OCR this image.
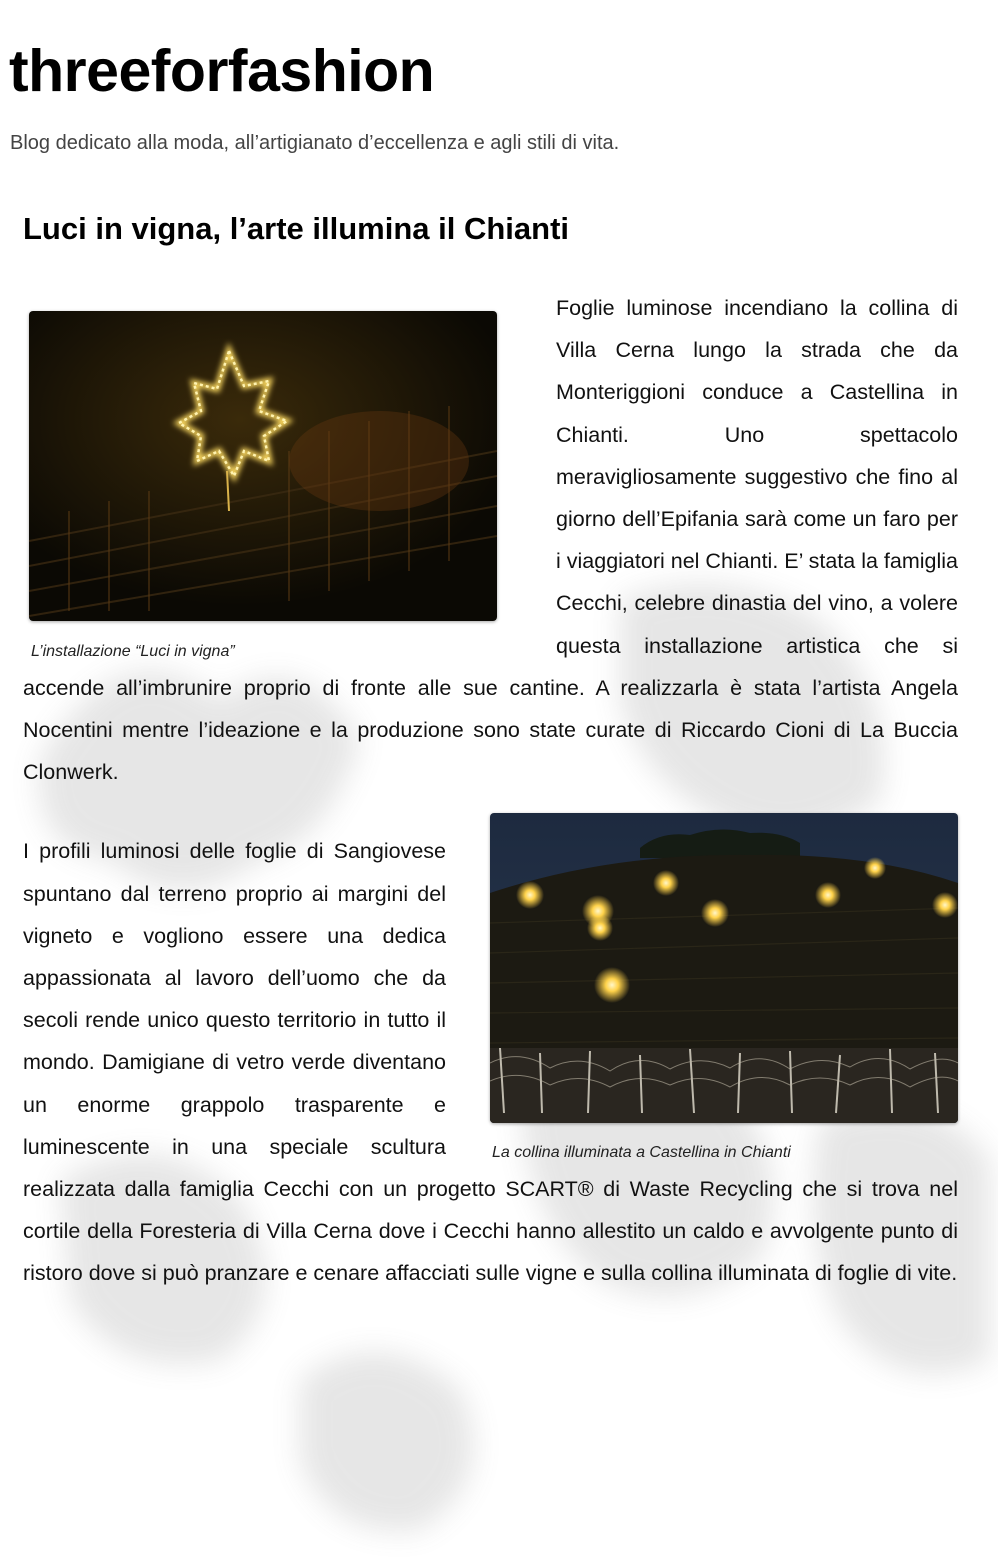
threeforfashion

Blog dedicato alla moda, all’artigianato d’eccellenza e agli stili di vita.

Luci in vigna, l’arte illumina il Chianti

L’installazione “Luci in vigna”

Foglie luminose incendiano la collina di Villa Cerna lungo la strada che da Monteriggioni conduce a Castellina in Chianti. Uno spettacolo meravigliosamente suggestivo che fino al giorno dell’Epifania sarà come un faro per i viaggiatori nel Chianti. E’ stata la famiglia Cecchi, celebre dinastia del vino, a volere questa installazione artistica che si accende all’imbrunire proprio di fronte alle sue cantine. A realizzarla è stata l’artista Angela Nocentini mentre l’ideazione e la produzione sono state curate di Riccardo Cioni di La Buccia Clonwerk.

La collina illuminata a Castellina in Chianti

I profili luminosi delle foglie di Sangiovese spuntano dal terreno proprio ai margini del vigneto e vogliono essere una dedica appassionata al lavoro dell’uomo che da secoli rende unico questo territorio in tutto il mondo. Damigiane di vetro verde diventano un enorme grappolo trasparente e luminescente in una speciale scultura realizzata dalla famiglia Cecchi con un progetto SCART® di Waste Recycling che si trova nel cortile della Foresteria di Villa Cerna dove i Cecchi hanno allestito un caldo e avvolgente punto di ristoro dove si può pranzare e cenare affacciati sulle vigne e sulla collina illuminata di foglie di vite.
